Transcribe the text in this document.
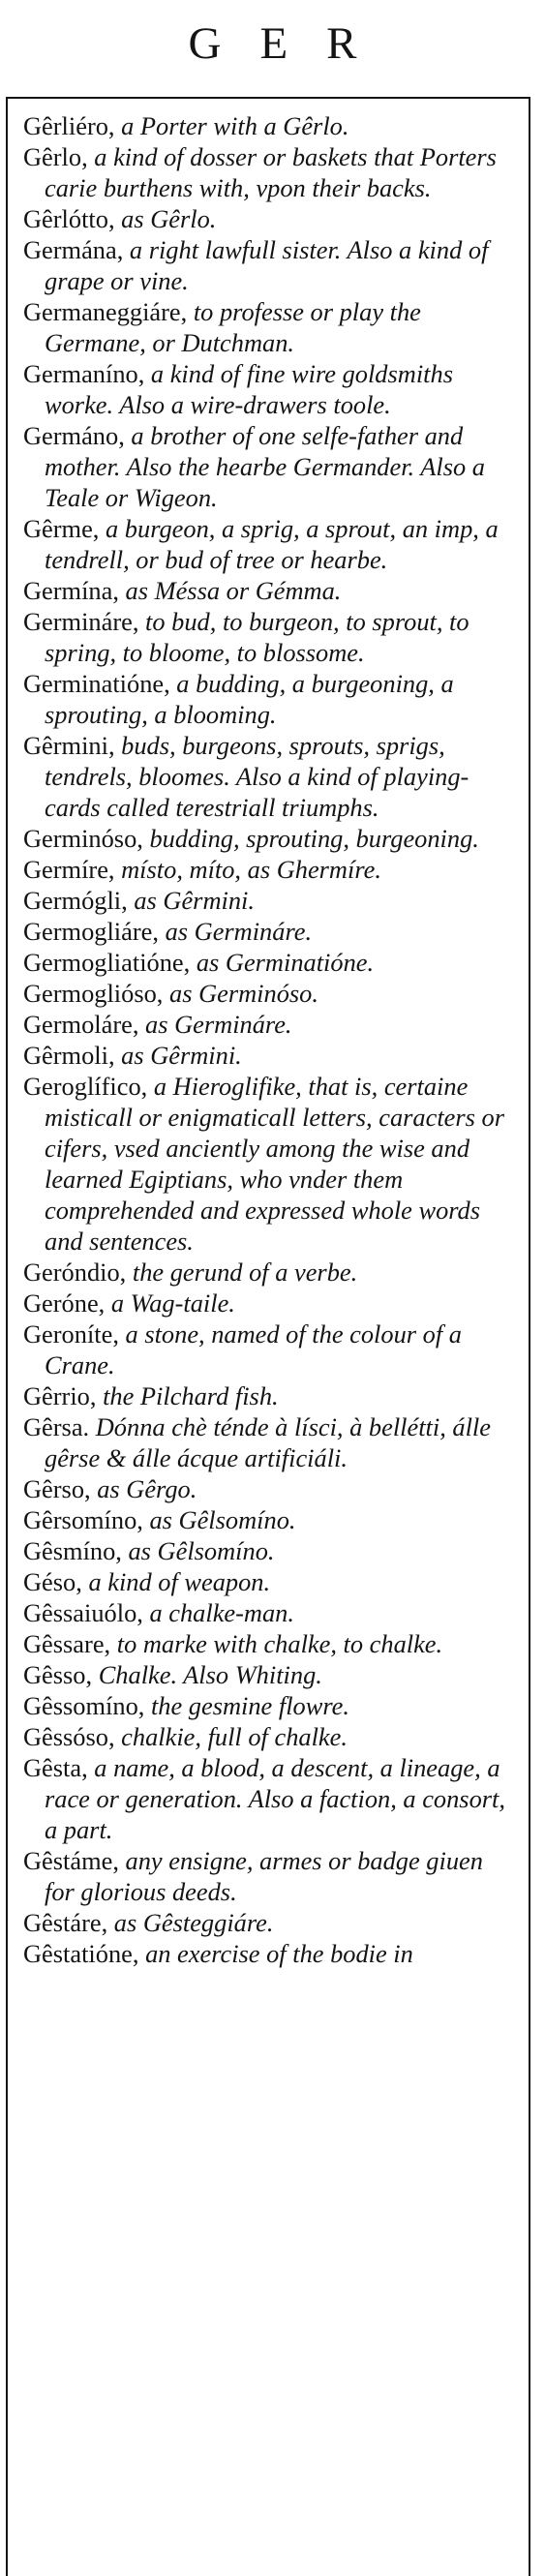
GER

Gêrliéro, a Porter with a Gêrlo.

Gêrlo, a kind of dosser or baskets that Porters carie burthens with, vpon their backs.

Gêrlótto, as Gêrlo.

Germána, a right lawfull sister. Also a kind of grape or vine.

Germaneggiáre, to professe or play the Germane, or Dutchman.

Germaníno, a kind of fine wire goldsmiths worke. Also a wire-drawers toole.

Germáno, a brother of one selfe-father and mother. Also the hearbe Germander. Also a Teale or Wigeon.

Gêrme, a burgeon, a sprig, a sprout, an imp, a tendrell, or bud of tree or hearbe.

Germína, as Méssa or Gémma.

Germináre, to bud, to burgeon, to sprout, to spring, to bloome, to blossome.

Germinatióne, a budding, a burgeoning, a sprouting, a blooming.

Gêrmini, buds, burgeons, sprouts, sprigs, tendrels, bloomes. Also a kind of playing-cards called terestriall triumphs.

Germinóso, budding, sprouting, burgeoning.

Germíre, místo, míto, as Ghermíre.

Germógli, as Gêrmini.

Germogliáre, as Germináre.

Germogliatióne, as Germinatióne.

Germoglióso, as Germinóso.

Germoláre, as Germináre.

Gêrmoli, as Gêrmini.

Geroglífico, a Hieroglifike, that is, certaine misticall or enigmaticall letters, caracters or cifers, vsed anciently among the wise and learned Egiptians, who vnder them comprehended and expressed whole words and sentences.

Geróndio, the gerund of a verbe.

Geróne, a Wag-taile.

Geroníte, a stone, named of the colour of a Crane.

Gêrrio, the Pilchard fish.

Gêrsa. Dónna chè ténde à lísci, à bellétti, álle gêrse & álle ácque artificiáli.

Gêrso, as Gêrgo.

Gêrsomíno, as Gêlsomíno.

Gêsmíno, as Gêlsomíno.

Géso, a kind of weapon.

Gêssaiuólo, a chalke-man.

Gêssare, to marke with chalke, to chalke.

Gêsso, Chalke. Also Whiting.

Gêssomíno, the gesmine flowre.

Gêssóso, chalkie, full of chalke.

Gêsta, a name, a blood, a descent, a lineage, a race or generation. Also a faction, a consort, a part.

Gêstáme, any ensigne, armes or badge giuen for glorious deeds.

Gêstáre, as Gêsteggiáre.

Gêstatióne, an exercise of the bodie in
